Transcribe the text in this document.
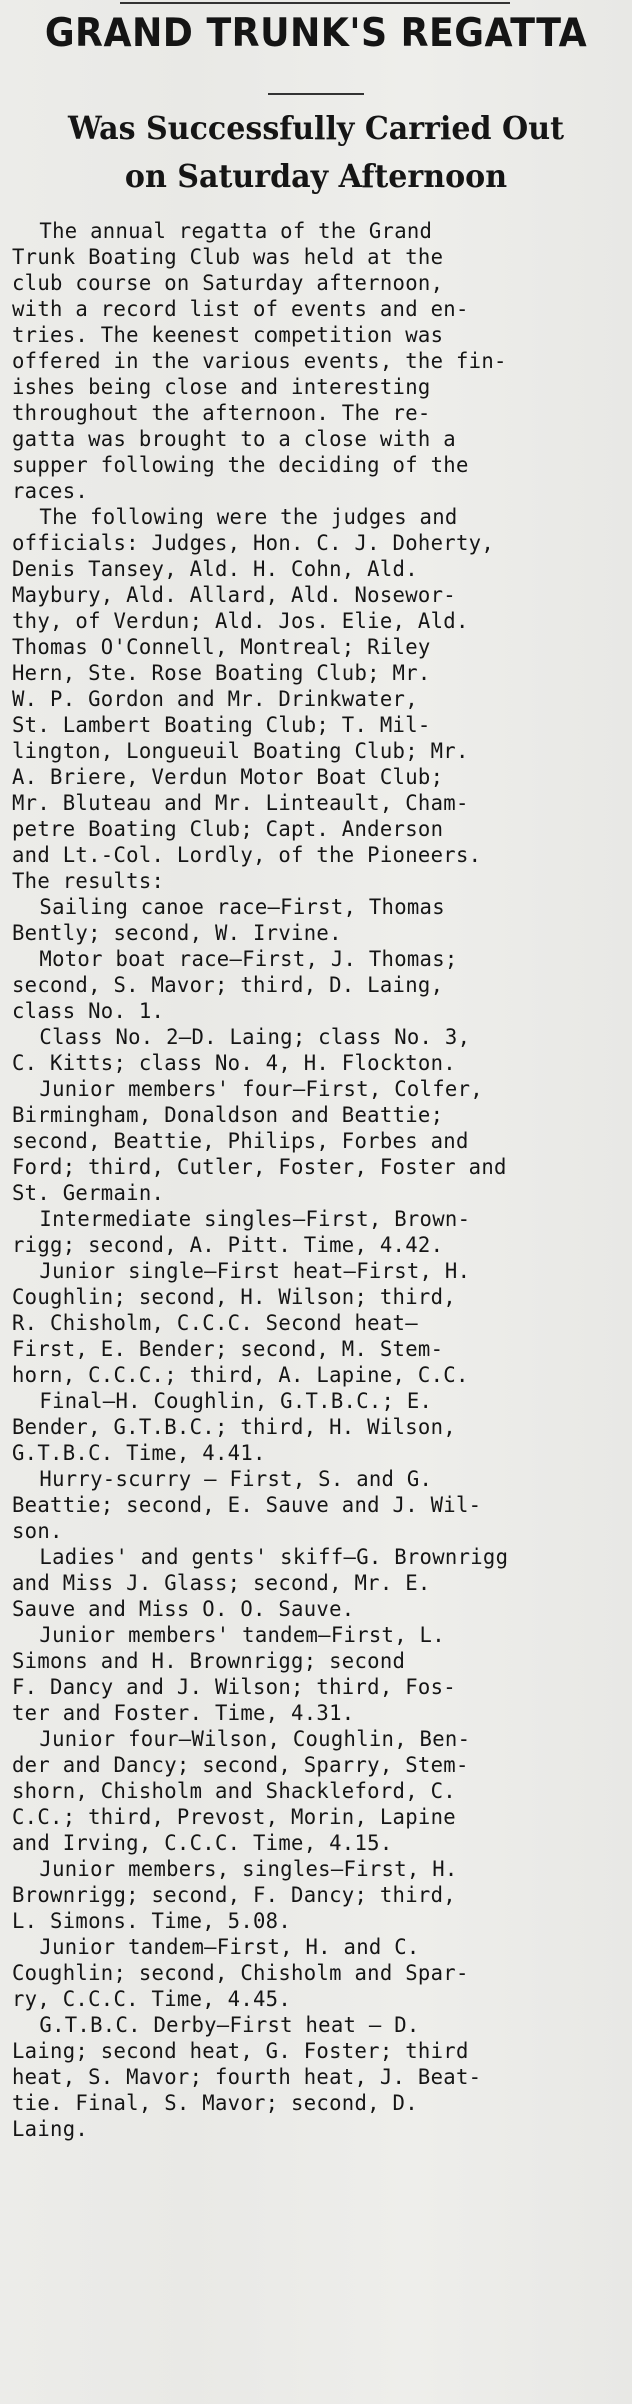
GRAND TRUNK'S REGATTA
Was Successfully Carried Out
on Saturday Afternoon
The annual regatta of the Grand
Trunk Boating Club was held at the
club course on Saturday afternoon,
with a record list of events and en-
tries. The keenest competition was
offered in the various events, the fin-
ishes being close and interesting
throughout the afternoon. The re-
gatta was brought to a close with a
supper following the deciding of the
races.
The following were the judges and
officials: Judges, Hon. C. J. Doherty,
Denis Tansey, Ald. H. Cohn, Ald.
Maybury, Ald. Allard, Ald. Nosewor-
thy, of Verdun; Ald. Jos. Elie, Ald.
Thomas O'Connell, Montreal; Riley
Hern, Ste. Rose Boating Club; Mr.
W. P. Gordon and Mr. Drinkwater,
St. Lambert Boating Club; T. Mil-
lington, Longueuil Boating Club; Mr.
A. Briere, Verdun Motor Boat Club;
Mr. Bluteau and Mr. Linteault, Cham-
petre Boating Club; Capt. Anderson
and Lt.-Col. Lordly, of the Pioneers.
The results:
Sailing canoe race—First, Thomas
Bently; second, W. Irvine.
Motor boat race—First, J. Thomas;
second, S. Mavor; third, D. Laing,
class No. 1.
Class No. 2—D. Laing; class No. 3,
C. Kitts; class No. 4, H. Flockton.
Junior members' four—First, Colfer,
Birmingham, Donaldson and Beattie;
second, Beattie, Philips, Forbes and
Ford; third, Cutler, Foster, Foster and
St. Germain.
Intermediate singles—First, Brown-
rigg; second, A. Pitt. Time, 4.42.
Junior single—First heat—First, H.
Coughlin; second, H. Wilson; third,
R. Chisholm, C.C.C. Second heat—
First, E. Bender; second, M. Stem-
horn, C.C.C.; third, A. Lapine, C.C.
Final—H. Coughlin, G.T.B.C.; E.
Bender, G.T.B.C.; third, H. Wilson,
G.T.B.C. Time, 4.41.
Hurry-scurry — First, S. and G.
Beattie; second, E. Sauve and J. Wil-
son.
Ladies' and gents' skiff—G. Brownrigg
and Miss J. Glass; second, Mr. E.
Sauve and Miss O. O. Sauve.
Junior members' tandem—First, L.
Simons and H. Brownrigg; second
F. Dancy and J. Wilson; third, Fos-
ter and Foster. Time, 4.31.
Junior four—Wilson, Coughlin, Ben-
der and Dancy; second, Sparry, Stem-
shorn, Chisholm and Shackleford, C.
C.C.; third, Prevost, Morin, Lapine
and Irving, C.C.C. Time, 4.15.
Junior members, singles—First, H.
Brownrigg; second, F. Dancy; third,
L. Simons. Time, 5.08.
Junior tandem—First, H. and C.
Coughlin; second, Chisholm and Spar-
ry, C.C.C. Time, 4.45.
G.T.B.C. Derby—First heat — D.
Laing; second heat, G. Foster; third
heat, S. Mavor; fourth heat, J. Beat-
tie. Final, S. Mavor; second, D.
Laing.
